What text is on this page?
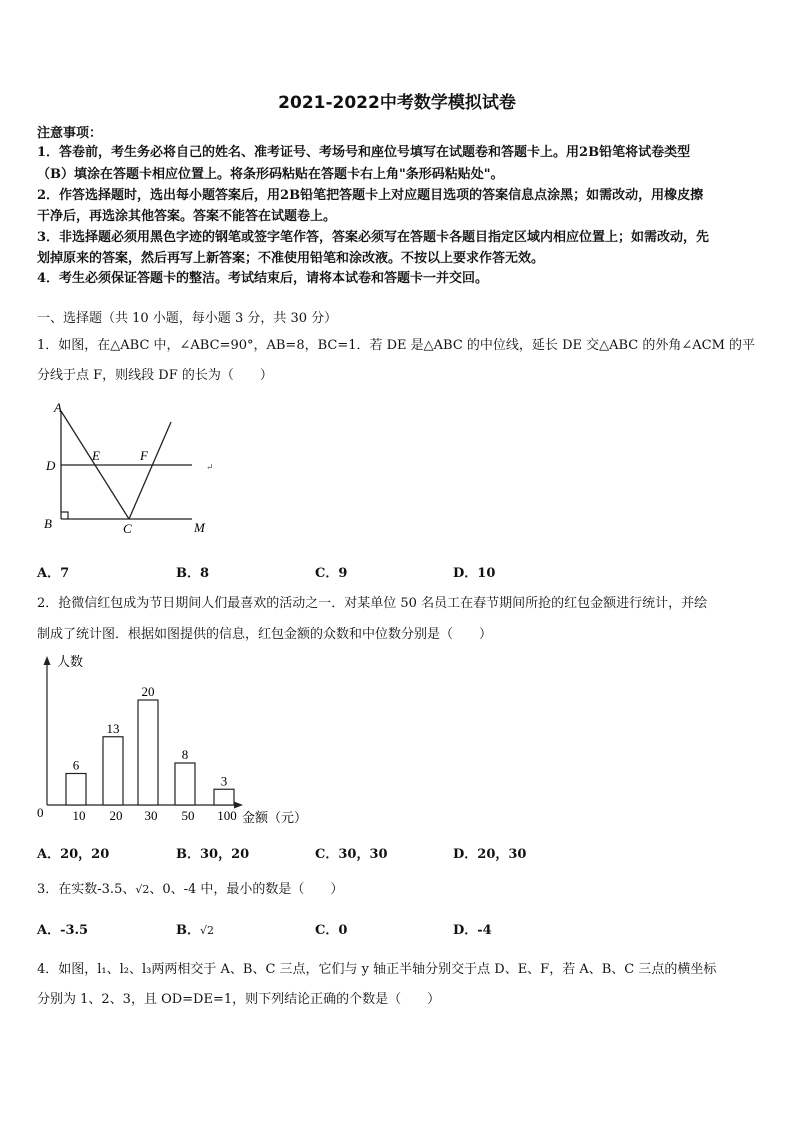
2021-2022中考数学模拟试卷
注意事项：
1．答卷前，考生务必将自己的姓名、准考证号、考场号和座位号填写在试题卷和答题卡上。用2B铅笔将试卷类型
（B）填涂在答题卡相应位置上。将条形码粘贴在答题卡右上角"条形码粘贴处"。
2．作答选择题时，选出每小题答案后，用2B铅笔把答题卡上对应题目选项的答案信息点涂黑；如需改动，用橡皮擦
干净后，再选涂其他答案。答案不能答在试题卷上。
3．非选择题必须用黑色字迹的钢笔或签字笔作答，答案必须写在答题卡各题目指定区域内相应位置上；如需改动，先
划掉原来的答案，然后再写上新答案；不准使用铅笔和涂改液。不按以上要求作答无效。
4．考生必须保证答题卡的整洁。考试结束后，请将本试卷和答题卡一并交回。
一、选择题（共 10 小题，每小题 3 分，共 30 分）
1．如图，在△ABC 中，∠ABC=90°，AB=8，BC=1．若 DE 是△ABC 的中位线，延长 DE 交△ABC 的外角∠ACM 的平
分线于点 F，则线段 DF 的长为（　　）
A
D
E	F
B	C	M
↵
A．7	B．8	C．9	D．10
2．抢微信红包成为节日期间人们最喜欢的活动之一．对某单位 50 名员工在春节期间所抢的红包金额进行统计，并绘
制成了统计图．根据如图提供的信息，红包金额的众数和中位数分别是（　　）
人数
金额（元）
0
6
10
13
20
20
30
8
50
3
100
A．20，20	B．30，20	C．30，30	D．20，30
3．在实数-3.5、√2、0、-4 中，最小的数是（　　）
A．-3.5	B．√2	C．0	D．-4
4．如图，l₁、l₂、l₃两两相交于 A、B、C 三点，它们与 y 轴正半轴分别交于点 D、E、F，若 A、B、C 三点的横坐标
分别为 1、2、3，且 OD=DE=1，则下列结论正确的个数是（　　）
